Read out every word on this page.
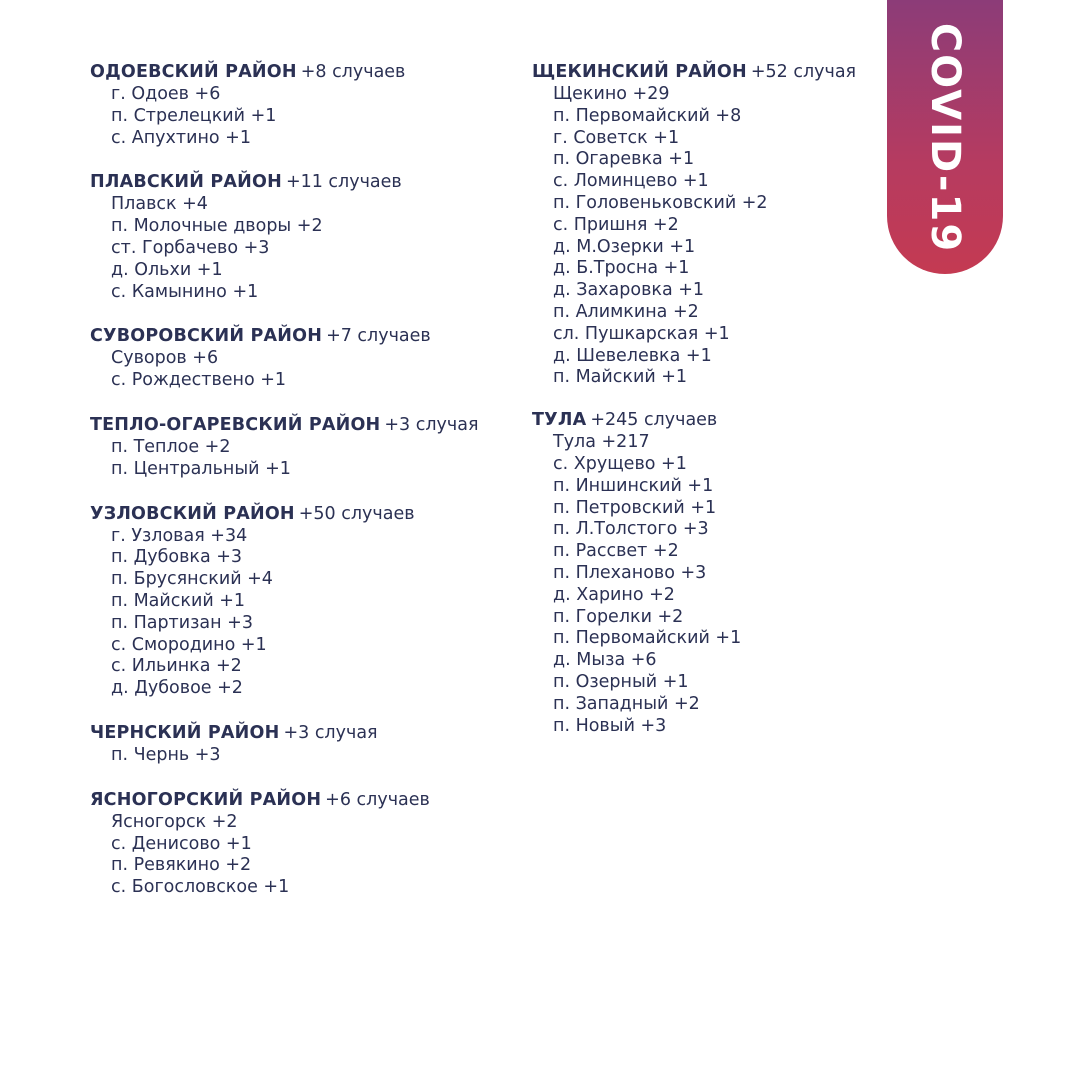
COVID-19
ОДОЕВСКИЙ РАЙОН +8 случаев
г. Одоев +6
п. Стрелецкий +1
с. Апухтино +1
ПЛАВСКИЙ РАЙОН +11 случаев
Плавск +4
п. Молочные дворы +2
ст. Горбачево +3
д. Ольхи +1
с. Камынино +1
СУВОРОВСКИЙ РАЙОН +7 случаев
Суворов +6
с. Рождествено +1
ТЕПЛО-ОГАРЕВСКИЙ РАЙОН +3 случая
п. Теплое +2
п. Центральный +1
УЗЛОВСКИЙ РАЙОН +50 случаев
г. Узловая +34
п. Дубовка +3
п. Брусянский +4
п. Майский +1
п. Партизан +3
с. Смородино +1
с. Ильинка +2
д. Дубовое +2
ЧЕРНСКИЙ РАЙОН +3 случая
п. Чернь +3
ЯСНОГОРСКИЙ РАЙОН +6 случаев
Ясногорск +2
с. Денисово +1
п. Ревякино +2
с. Богословское +1
ЩЕКИНСКИЙ РАЙОН +52 случая
Щекино +29
п. Первомайский +8
г. Советск +1
п. Огаревка +1
с. Ломинцево +1
п. Головеньковский +2
с. Пришня +2
д. М.Озерки +1
д. Б.Тросна +1
д. Захаровка +1
п. Алимкина +2
сл. Пушкарская +1
д. Шевелевка +1
п. Майский +1
ТУЛА +245 случаев
Тула +217
с. Хрущево +1
п. Иншинский +1
п. Петровский +1
п. Л.Толстого +3
п. Рассвет +2
п. Плеханово +3
д. Харино +2
п. Горелки +2
п. Первомайский +1
д. Мыза +6
п. Озерный +1
п. Западный +2
п. Новый +3
